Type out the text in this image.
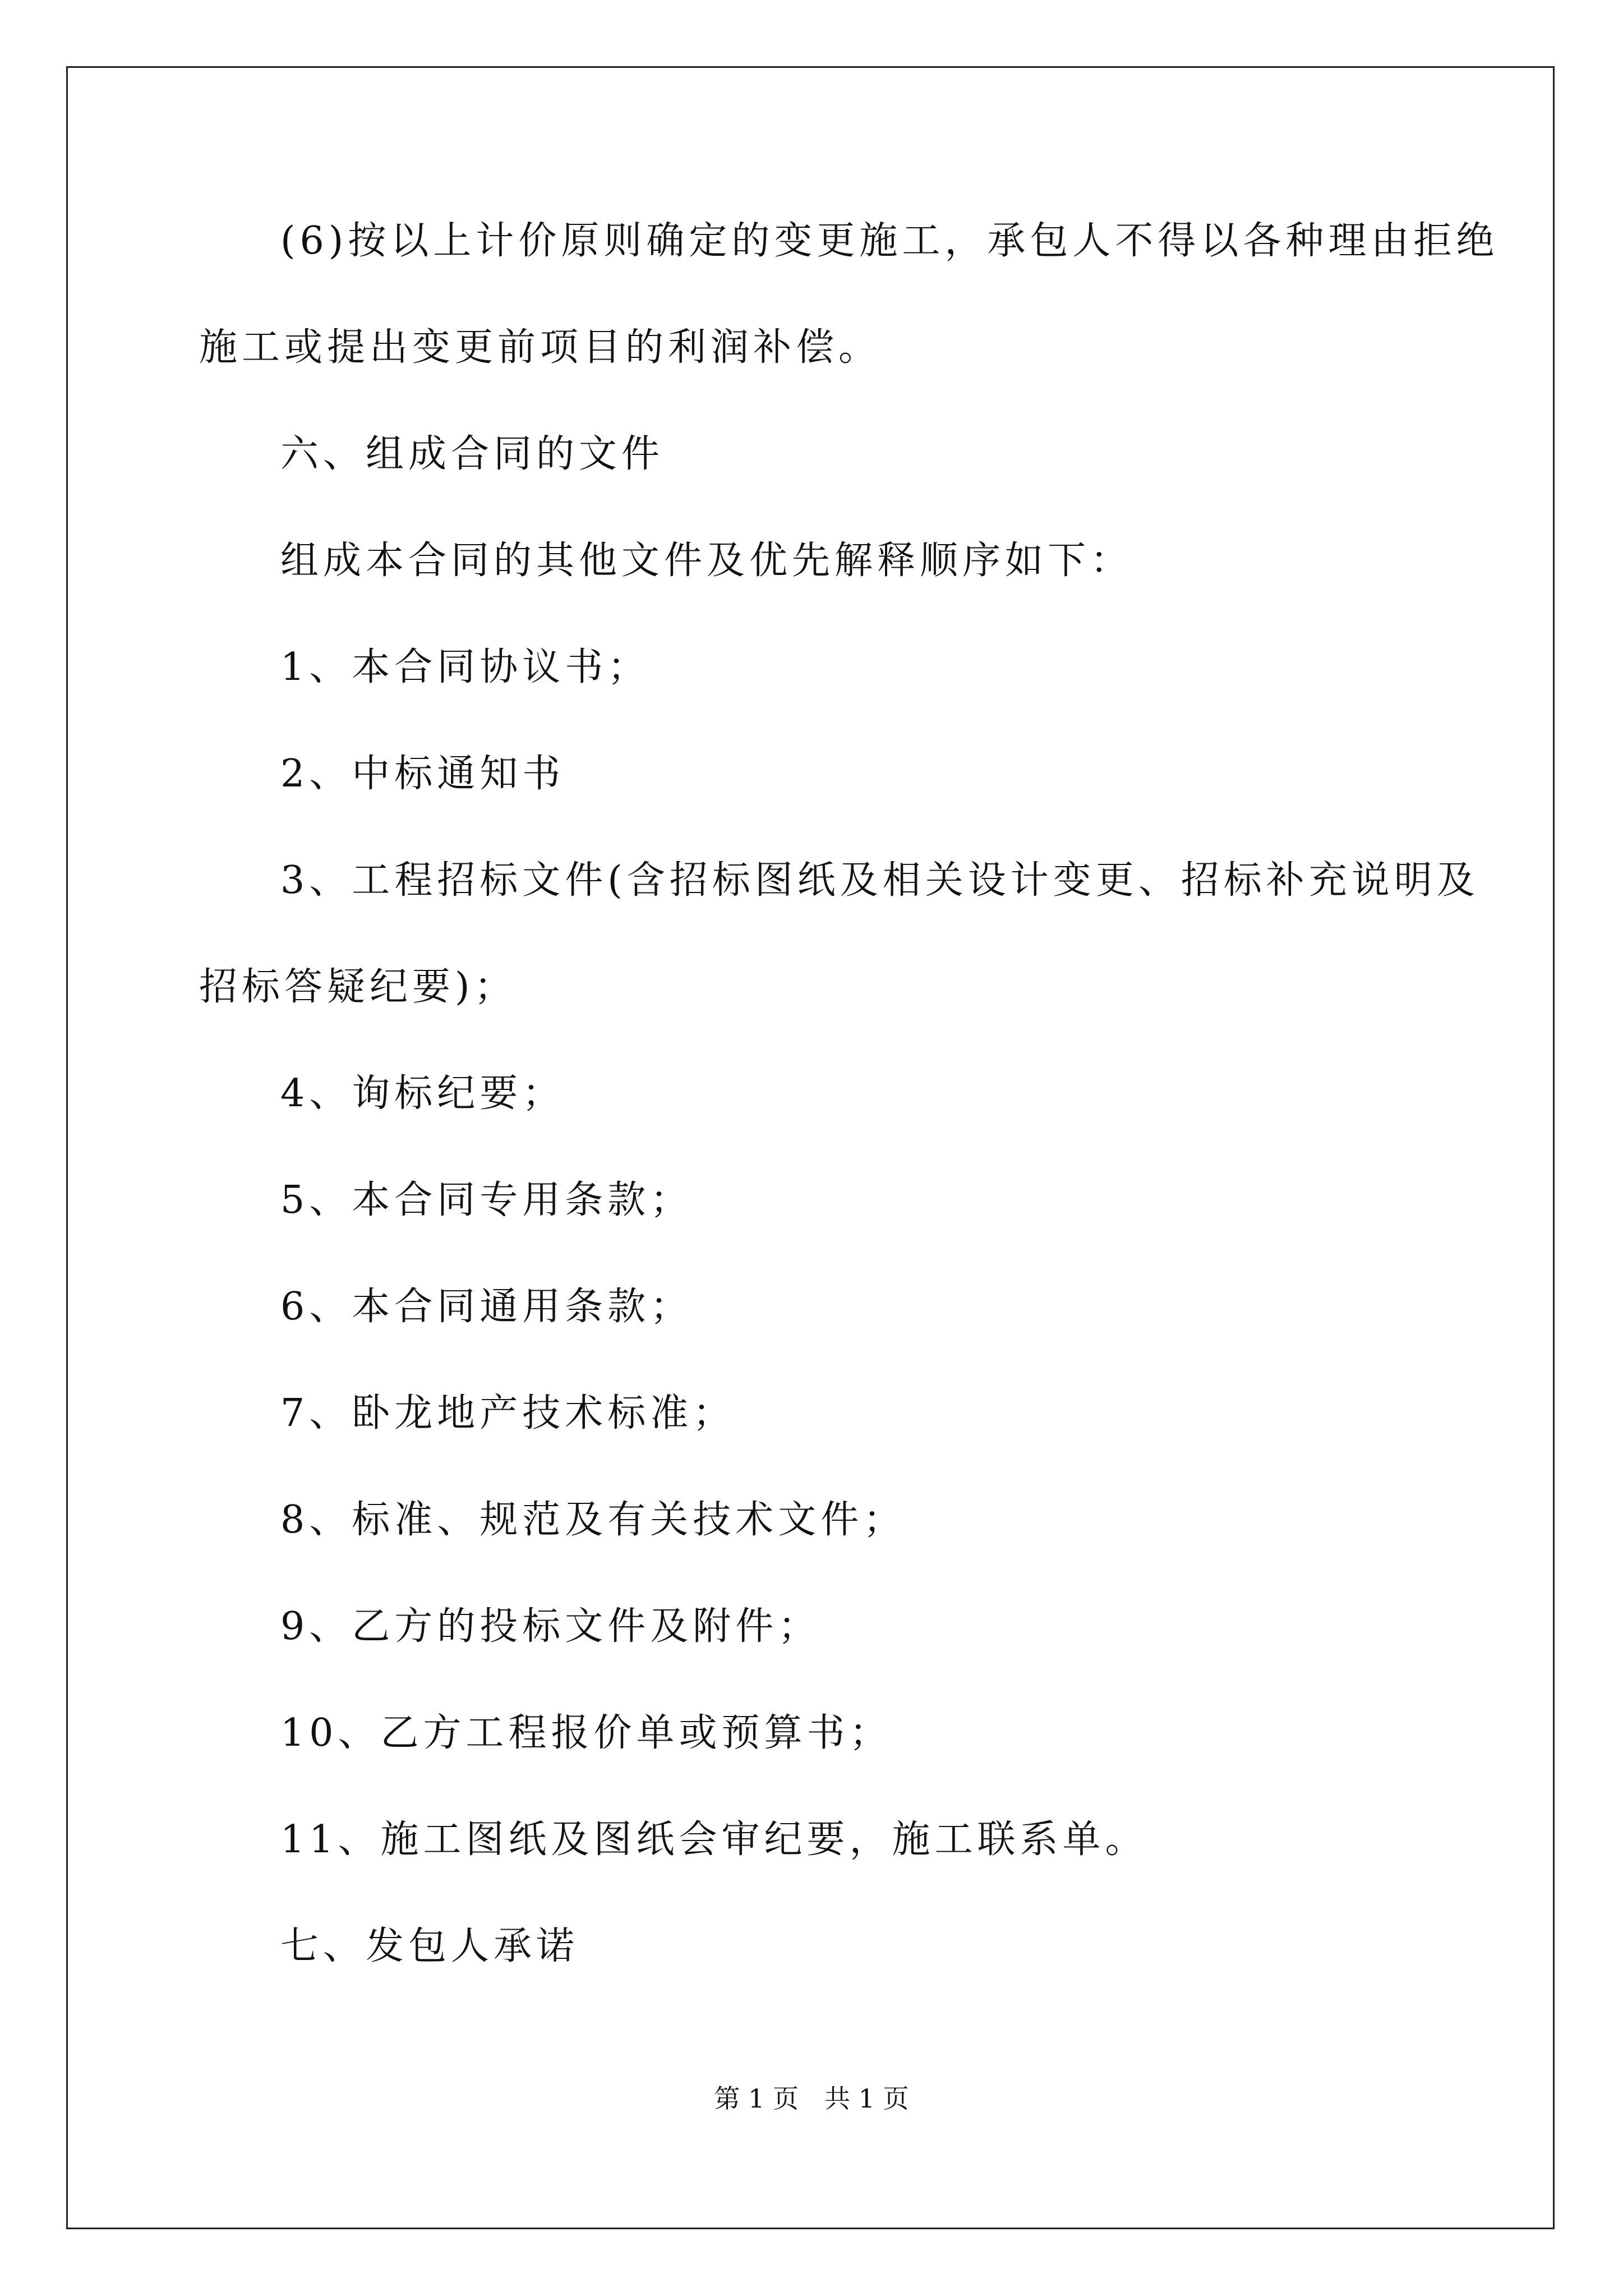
(6)按以上计价原则确定的变更施工，承包人不得以各种理由拒绝
施工或提出变更前项目的利润补偿。

六、组成合同的文件

组成本合同的其他文件及优先解释顺序如下：

1、本合同协议书；

2、中标通知书

3、工程招标文件(含招标图纸及相关设计变更、招标补充说明及
招标答疑纪要)；

4、询标纪要；

5、本合同专用条款；

6、本合同通用条款；

7、卧龙地产技术标准；

8、标准、规范及有关技术文件；

9、乙方的投标文件及附件；

10、乙方工程报价单或预算书；

11、施工图纸及图纸会审纪要，施工联系单。

七、发包人承诺

第 1 页　共 1 页
